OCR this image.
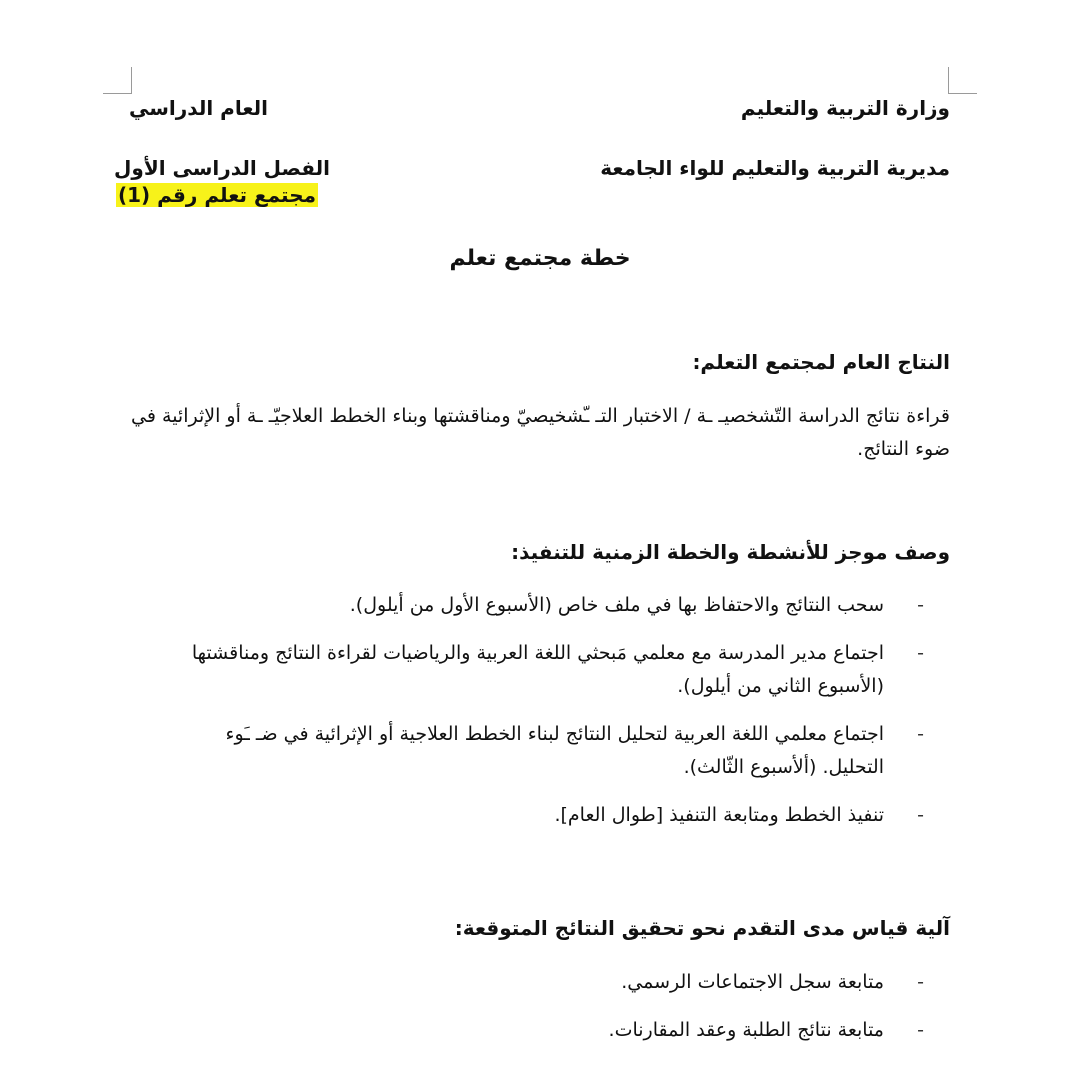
وزارة التربية والتعليم
العام الدراسي
مديرية التربية والتعليم للواء الجامعة
الفصل الدراسى الأول
مجتمع تعلم رقم (1)
خطة مجتمع تعلم
النتاج العام لمجتمع التعلم:
قراءة نتائج الدراسة التّشخصيـ ـة / الاختبار التـ ـّشخيصيّ ومناقشتها وبناء الخطط العلاجيّـ ـة أو الإثرائية في ضوء النتائج.
وصف موجز للأنشطة والخطة الزمنية للتنفيذ:
-
سحب النتائج والاحتفاظ بها في ملف خاص (الأسبوع الأول من أيلول).
-
اجتماع مدير المدرسة مع معلمي مَبحثي اللغة العربية والرياضيات لقراءة النتائج ومناقشتها (الأسبوع الثاني من أيلول).
-
اجتماع معلمي اللغة العربية لتحليل النتائج لبناء الخطط العلاجية أو الإثرائية في ضـ ـَوء التحليل. (ألأسبوع الثّالث).
-
تنفيذ الخطط ومتابعة التنفيذ [طوال العام].
آلية قياس مدى التقدم نحو تحقيق النتائج المتوقعة:
-
متابعة سجل الاجتماعات الرسمي.
-
متابعة نتائج الطلبة وعقد المقارنات.
